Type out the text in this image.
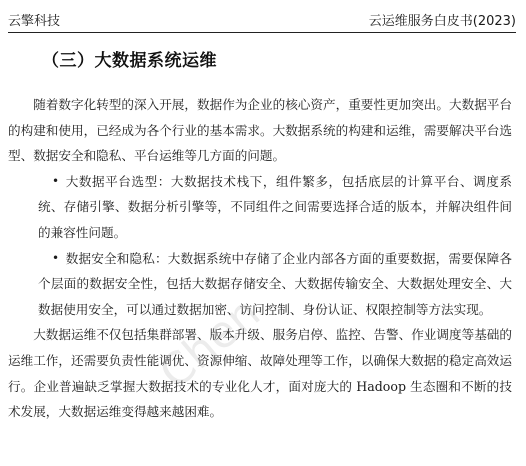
云擎科技	云运维服务白皮书(2023)
（三）大数据系统运维

随着数字化转型的深入开展，数据作为企业的核心资产，重要性更加突出。大数据平台的构建和使用，已经成为各个行业的基本需求。大数据系统的构建和运维，需要解决平台选型、数据安全和隐私、平台运维等几方面的问题。

• 大数据平台选型：大数据技术栈下，组件繁多，包括底层的计算平台、调度系统、存储引擎、数据分析引擎等，不同组件之间需要选择合适的版本，并解决组件间的兼容性问题。
• 数据安全和隐私：大数据系统中存储了企业内部各方面的重要数据，需要保障各个层面的数据安全性，包括大数据存储安全、大数据传输安全、大数据处理安全、大数据使用安全，可以通过数据加密、访问控制、身份认证、权限控制等方法实现。

大数据运维不仅包括集群部署、版本升级、服务启停、监控、告警、作业调度等基础的运维工作，还需要负责性能调优、资源伸缩、故障处理等工作，以确保大数据的稳定高效运行。企业普遍缺乏掌握大数据技术的专业化人才，面对庞大的 Hadoop 生态圈和不断的技术发展，大数据运维变得越来越困难。

Chen
